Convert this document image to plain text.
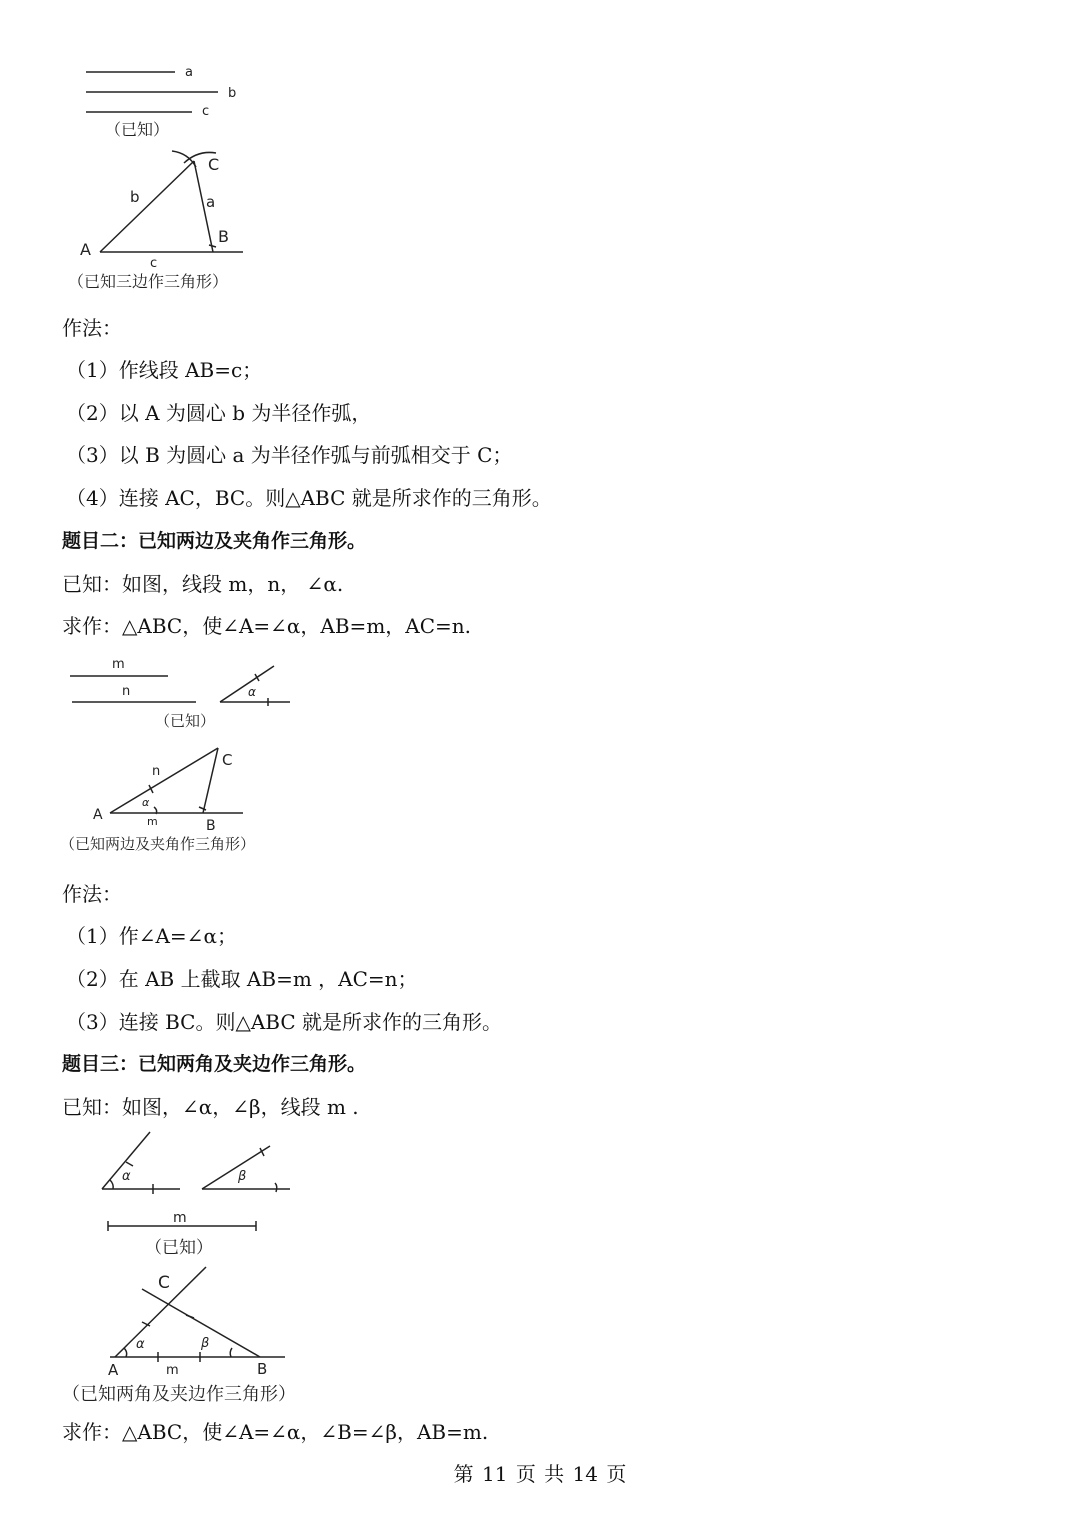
a
b
c
（已知）
C
b	a
A
B
c
（已知三边作三角形）
作法：
（1）作线段 AB=c；
（2）以 A 为圆心 b 为半径作弧，
（3）以 B 为圆心 a 为半径作弧与前弧相交于 C；
（4）连接 AC，BC。则△ABC 就是所求作的三角形。
题目二：已知两边及夹角作三角形。
已知：如图，线段 m，n， ∠α.
求作：△ABC，使∠A=∠α，AB=m，AC=n.
m
n	α
（已知）
C
n
α
A	m	B
（已知两边及夹角作三角形）
作法：
（1）作∠A=∠α；
（2）在 AB 上截取 AB=m ，AC=n；
（3）连接 BC。则△ABC 就是所求作的三角形。
题目三：已知两角及夹边作三角形。
已知：如图，∠α，∠β，线段 m .
α	β
m
（已知）
C
α	β
A	m	B
（已知两角及夹边作三角形）
求作：△ABC，使∠A=∠α，∠B=∠β，AB=m.
第 11 页 共 14 页
